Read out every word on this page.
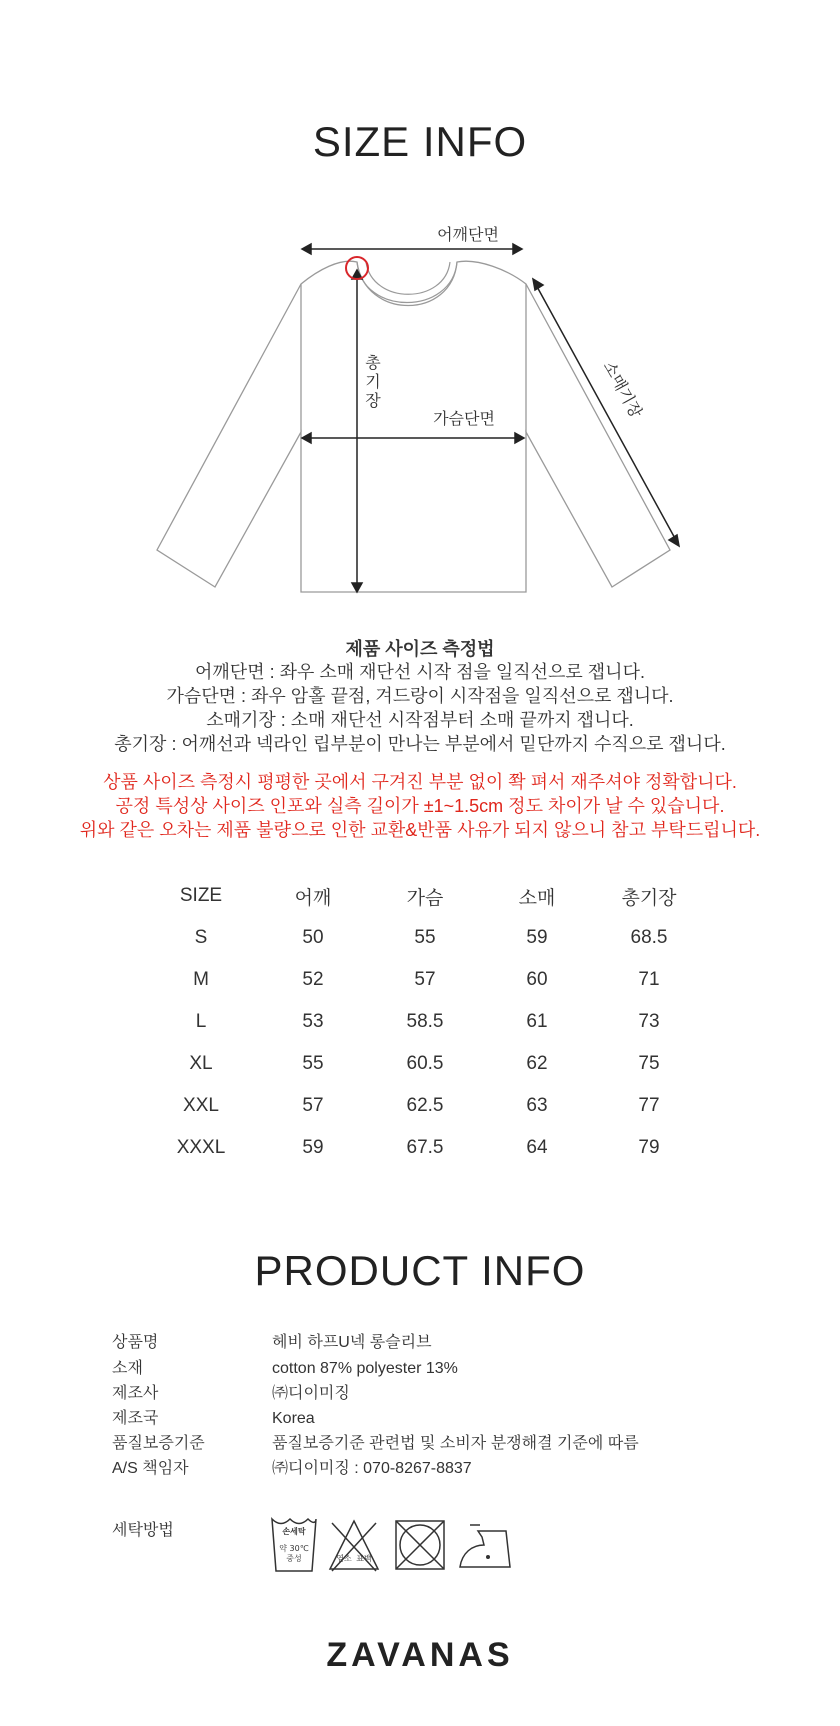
SIZE INFO
어깨단면
가슴단면
총
기
장	소매기장
제품 사이즈 측정법
어깨단면 : 좌우 소매 재단선 시작 점을 일직선으로 잽니다.
가슴단면 : 좌우 암홀 끝점, 겨드랑이 시작점을 일직선으로 잽니다.
소매기장 : 소매 재단선 시작점부터 소매 끝까지 잽니다.
총기장 : 어깨선과 넥라인 립부분이 만나는 부분에서 밑단까지 수직으로 잽니다.
상품 사이즈 측정시 평평한 곳에서 구겨진 부분 없이 쫙 펴서 재주셔야 정확합니다.
공정 특성상 사이즈 인포와 실측 길이가 ±1~1.5cm 정도 차이가 날 수 있습니다.
위와 같은 오차는 제품 불량으로 인한 교환&반품 사유가 되지 않으니 참고 부탁드립니다.
SIZE	어깨	가슴	소매	총기장
S	50	55	59	68.5
M	52	57	60	71
L	53	58.5	61	73
XL	55	60.5	62	75
XXL	57	62.5	63	77
XXXL	59	67.5	64	79
PRODUCT INFO
상품명	헤비 하프U넥 롱슬리브
소재	cotton 87% polyester 13%
제조사	㈜디이미징
제조국	Korea
품질보증기준	품질보증기준 관련법 및 소비자 분쟁해결 기준에 따름
A/S 책임자	㈜디이미징 : 070-8267-8837
세탁방법	손세탁
약 30℃
중성	염소 표백
ZAVANAS
